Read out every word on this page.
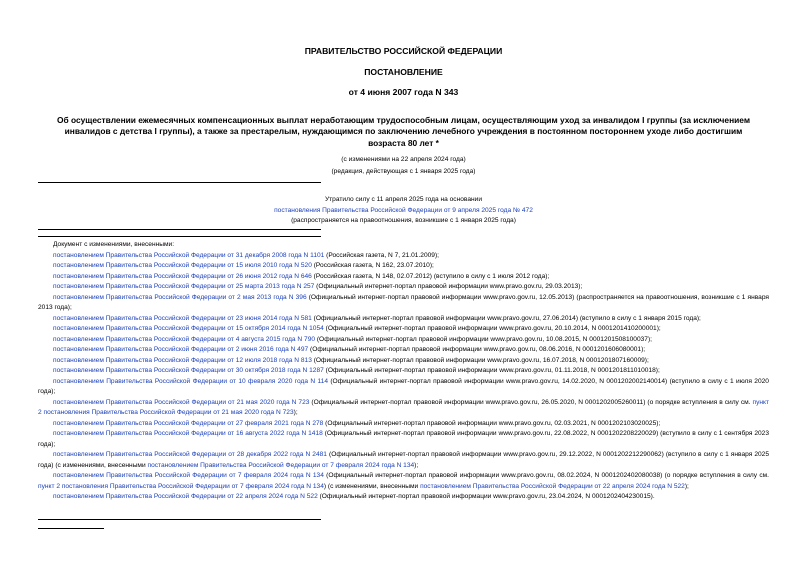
ПРАВИТЕЛЬСТВО РОССИЙСКОЙ ФЕДЕРАЦИИ
ПОСТАНОВЛЕНИЕ
от 4 июня 2007 года N 343
Об осуществлении ежемесячных компенсационных выплат неработающим трудоспособным лицам, осуществляющим уход за инвалидом I группы (за исключением
инвалидов с детства I группы), а также за престарелым, нуждающимся по заключению лечебного учреждения в постоянном постороннем уходе либо достигшим
возраста 80 лет *
(с изменениями на 22 апреля 2024 года)
(редакция, действующая с 1 января 2025 года)
Утратило силу с 11 апреля 2025 года на основании
постановления Правительства Российской Федерации от 9 апреля 2025 года № 472
(распространяется на правоотношения, возникшие с 1 января 2025 года)

Документ с изменениями, внесенными:

постановлением Правительства Российской Федерации от 31 декабря 2008 года N 1101 (Российская газета, N 7, 21.01.2009);

постановлением Правительства Российской Федерации от 15 июля 2010 года N 520 (Российская газета, N 162, 23.07.2010);

постановлением Правительства Российской Федерации от 26 июня 2012 года N 646 (Российская газета, N 148, 02.07.2012) (вступило в силу с 1 июля 2012 года);

постановлением Правительства Российской Федерации от 25 марта 2013 года N 257 (Официальный интернет-портал правовой информации www.pravo.gov.ru, 29.03.2013);

постановлением Правительства Российской Федерации от 2 мая 2013 года N 396 (Официальный интернет-портал правовой информации www.pravo.gov.ru, 12.05.2013) (распространяется на правоотношения, возникшие с 1 января 2013 года);

постановлением Правительства Российской Федерации от 23 июня 2014 года N 581 (Официальный интернет-портал правовой информации www.pravo.gov.ru, 27.06.2014) (вступило в силу с 1 января 2015 года);

постановлением Правительства Российской Федерации от 15 октября 2014 года N 1054 (Официальный интернет-портал правовой информации www.pravo.gov.ru, 20.10.2014, N 0001201410200001);

постановлением Правительства Российской Федерации от 4 августа 2015 года N 790 (Официальный интернет-портал правовой информации www.pravo.gov.ru, 10.08.2015, N 0001201508100037);

постановлением Правительства Российской Федерации от 2 июня 2016 года N 497 (Официальный интернет-портал правовой информации www.pravo.gov.ru, 08.06.2016, N 0001201606080001);

постановлением Правительства Российской Федерации от 12 июля 2018 года N 813 (Официальный интернет-портал правовой информации www.pravo.gov.ru, 16.07.2018, N 0001201807160009);

постановлением Правительства Российской Федерации от 30 октября 2018 года N 1287 (Официальный интернет-портал правовой информации www.pravo.gov.ru, 01.11.2018, N 0001201811010018);

постановлением Правительства Российской Федерации от 10 февраля 2020 года N 114 (Официальный интернет-портал правовой информации www.pravo.gov.ru, 14.02.2020, N 0001202002140014) (вступило в силу с 1 июля 2020 года);

постановлением Правительства Российской Федерации от 21 мая 2020 года N 723 (Официальный интернет-портал правовой информации www.pravo.gov.ru, 26.05.2020, N 0001202005260011) (о порядке вступления в силу см. пункт 2 постановления Правительства Российской Федерации от 21 мая 2020 года N 723);

постановлением Правительства Российской Федерации от 27 февраля 2021 года N 278 (Официальный интернет-портал правовой информации www.pravo.gov.ru, 02.03.2021, N 0001202103020025);

постановлением Правительства Российской Федерации от 16 августа 2022 года N 1418 (Официальный интернет-портал правовой информации www.pravo.gov.ru, 22.08.2022, N 0001202208220029) (вступило в силу с 1 сентября 2023 года);

постановлением Правительства Российской Федерации от 28 декабря 2022 года N 2481 (Официальный интернет-портал правовой информации www.pravo.gov.ru, 29.12.2022, N 0001202212290062) (вступило в силу с 1 января 2025 года) (с изменениями, внесенными постановлением Правительства Российской Федерации от 7 февраля 2024 года N 134);

постановлением Правительства Российской Федерации от 7 февраля 2024 года N 134 (Официальный интернет-портал правовой информации www.pravo.gov.ru, 08.02.2024, N 0001202402080038) (о порядке вступления в силу см. пункт 2 постановления Правительства Российской Федерации от 7 февраля 2024 года N 134) (с изменениями, внесенными постановлением Правительства Российской Федерации от 22 апреля 2024 года N 522);

постановлением Правительства Российской Федерации от 22 апреля 2024 года N 522 (Официальный интернет-портал правовой информации www.pravo.gov.ru, 23.04.2024, N 0001202404230015).
